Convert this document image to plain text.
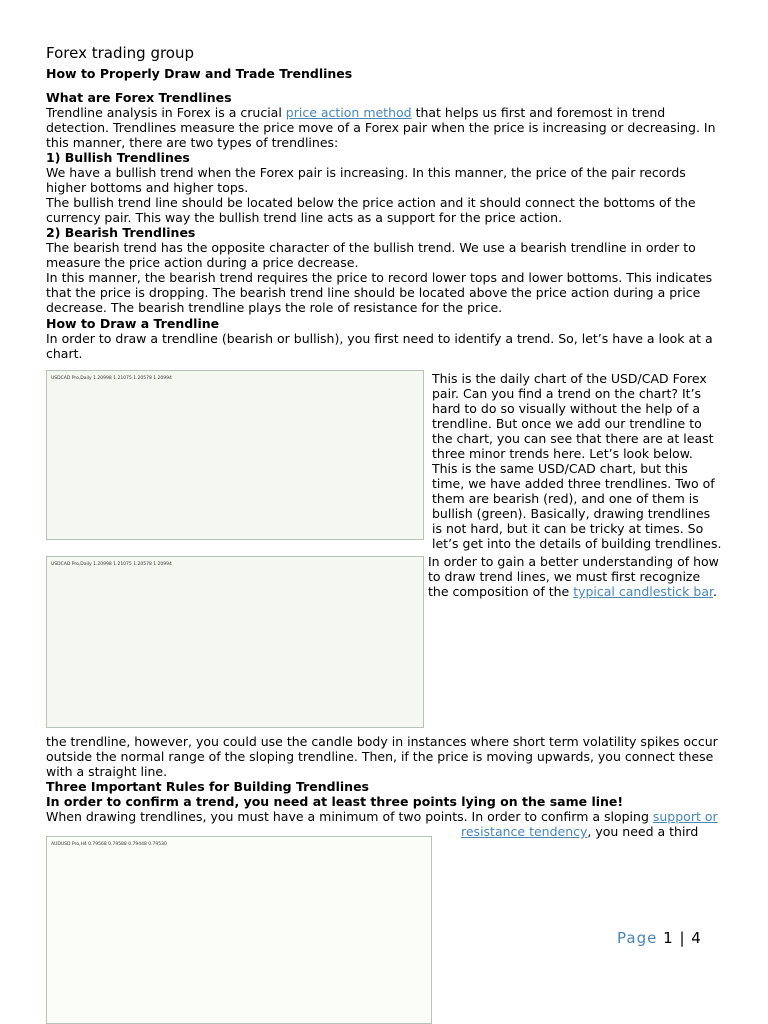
Forex trading group
How to Properly Draw and Trade Trendlines
What are Forex Trendlines
Trendline analysis in Forex is a crucial price action method that helps us first and foremost in trend
detection. Trendlines measure the price move of a Forex pair when the price is increasing or decreasing. In
this manner, there are two types of trendlines:
1) Bullish Trendlines
We have a bullish trend when the Forex pair is increasing. In this manner, the price of the pair records
higher bottoms and higher tops.
The bullish trend line should be located below the price action and it should connect the bottoms of the
currency pair. This way the bullish trend line acts as a support for the price action.
2) Bearish Trendlines
The bearish trend has the opposite character of the bullish trend. We use a bearish trendline in order to
measure the price action during a price decrease.
In this manner, the bearish trend requires the price to record lower tops and lower bottoms. This indicates
that the price is dropping. The bearish trend line should be located above the price action during a price
decrease. The bearish trendline plays the role of resistance for the price.
How to Draw a Trendline
In order to draw a trendline (bearish or bullish), you first need to identify a trend. So, let’s have a look at a
chart.
USDCAD Pro,Daily 1.20998 1.21075 1.20578 1.20994	This is the daily chart of the USD/CAD Forex
pair. Can you find a trend on the chart? It’s
hard to do so visually without the help of a
trendline. But once we add our trendline to
the chart, you can see that there are at least
three minor trends here. Let’s look below.
This is the same USD/CAD chart, but this
time, we have added three trendlines. Two of
them are bearish (red), and one of them is
bullish (green). Basically, drawing trendlines
is not hard, but it can be tricky at times. So
let’s get into the details of building trendlines.
USDCAD Pro,Daily 1.20998 1.21075 1.20578 1.20994	In order to gain a better understanding of how
to draw trend lines, we must first recognize
the composition of the typical candlestick bar.
the trendline, however, you could use the candle body in instances where short term volatility spikes occur
outside the normal range of the sloping trendline. Then, if the price is moving upwards, you connect these
with a straight line.
Three Important Rules for Building Trendlines
In order to confirm a trend, you need at least three points lying on the same line!
When drawing trendlines, you must have a minimum of two points. In order to confirm a sloping support or
AUDUSD Pro,H4 0.79568 0.79588 0.79448 0.79530
resistance tendency, you need a third
Page 1 | 4
